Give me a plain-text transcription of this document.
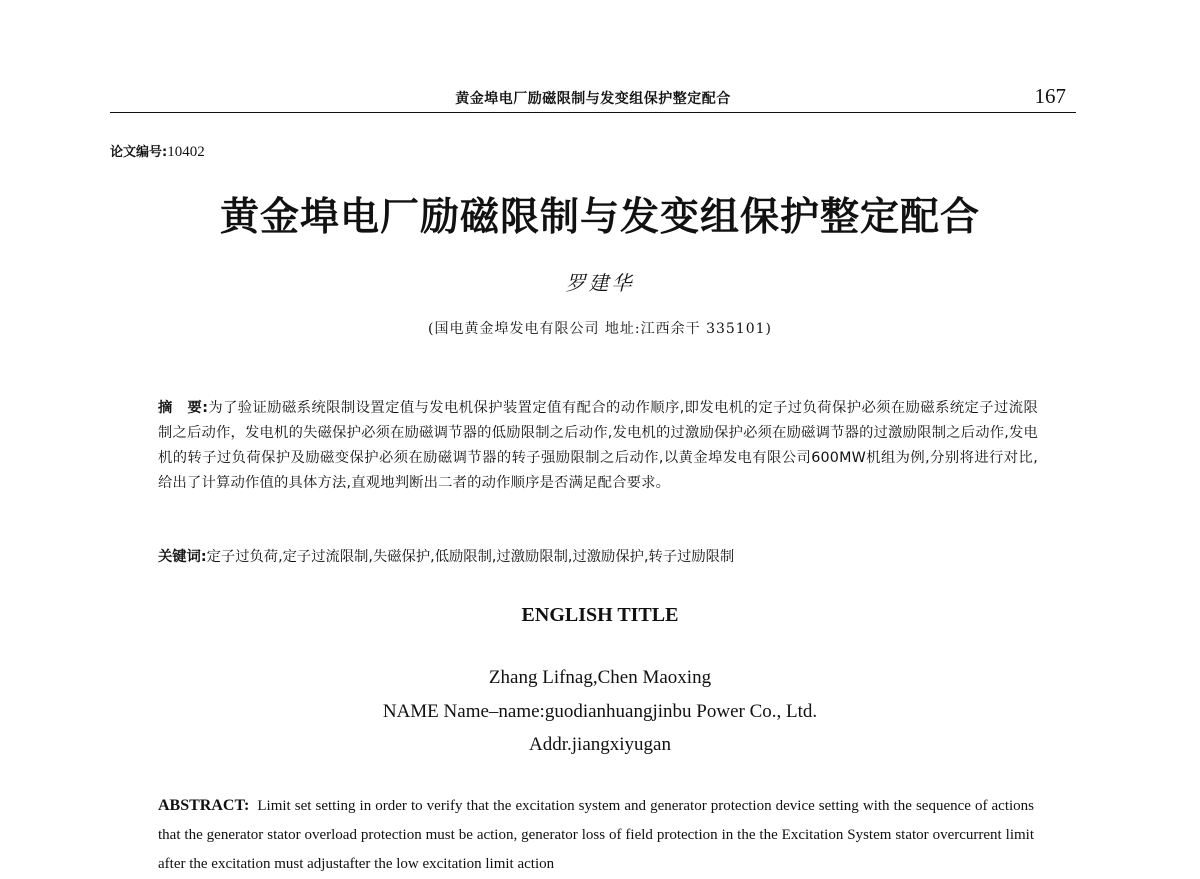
黄金埠电厂励磁限制与发变组保护整定配合	167
论文编号:10402
黄金埠电厂励磁限制与发变组保护整定配合
罗建华
(国电黄金埠发电有限公司 地址:江西余干 335101)
摘　要:为了验证励磁系统限制设置定值与发电机保护装置定值有配合的动作顺序,即发电机的定子过负荷保护必须在励磁系统定子过流限制之后动作，发电机的失磁保护必须在励磁调节器的低励限制之后动作,发电机的过激励保护必须在励磁调节器的过激励限制之后动作,发电机的转子过负荷保护及励磁变保护必须在励磁调节器的转子强励限制之后动作,以黄金埠发电有限公司600MW机组为例,分别将进行对比,给出了计算动作值的具体方法,直观地判断出二者的动作顺序是否满足配合要求。
关键词:定子过负荷,定子过流限制,失磁保护,低励限制,过激励限制,过激励保护,转子过励限制
ENGLISH TITLE
Zhang Lifnag,Chen Maoxing
NAME Name–name:guodianhuangjinbu Power Co., Ltd.
Addr.jiangxiyugan
ABSTRACT: Limit set setting in order to verify that the excitation system and generator protection device setting with the sequence of actions that the generator stator overload protection must be action, generator loss of field protection in the the Excitation System stator overcurrent limit after the excitation must adjustafter the low excitation limit action
